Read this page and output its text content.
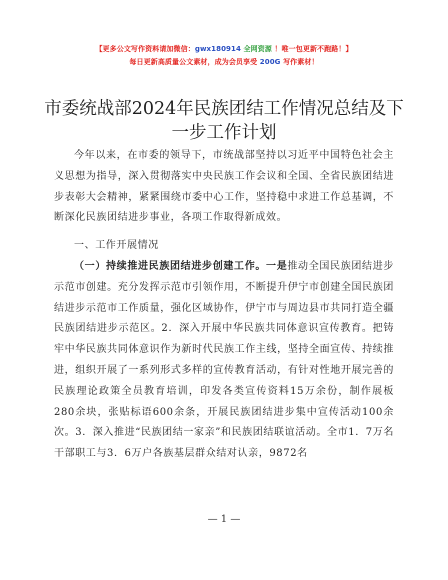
【更多公文写作资料请加微信：gwx180914 全网资源 ！唯一包更新不跑路！】
每日更新高质量公文素材，成为会员享受 200G 写作素材！
市委统战部2024年民族团结工作情况总结及下
一步工作计划

今年以来，在市委的领导下，市统战部坚持以习近平中国特色社会主义思想为指导，深入贯彻落实中央民族工作会议和全国、全省民族团结进步表彰大会精神，紧紧围绕市委中心工作，坚持稳中求进工作总基调，不断深化民族团结进步事业，各项工作取得新成效。

一、工作开展情况

（一）持续推进民族团结进步创建工作。一是推动全国民族团结进步示范市创建。充分发挥示范市引领作用，不断提升伊宁市创建全国民族团结进步示范市工作质量，强化区域协作，伊宁市与周边县市共同打造全疆民族团结进步示范区。2．深入开展中华民族共同体意识宣传教育。把铸牢中华民族共同体意识作为新时代民族工作主线，坚持全面宣传、持续推进，组织开展了一系列形式多样的宣传教育活动，有针对性地开展完善的民族理论政策全员教育培训，印发各类宣传资料15万余份，制作展板280余块，张贴标语600余条，开展民族团结进步集中宣传活动100余次。3．深入推进“民族团结一家亲”和民族团结联谊活动。全市1．7万名干部职工与3．6万户各族基层群众结对认亲，9872名

— 1 —
